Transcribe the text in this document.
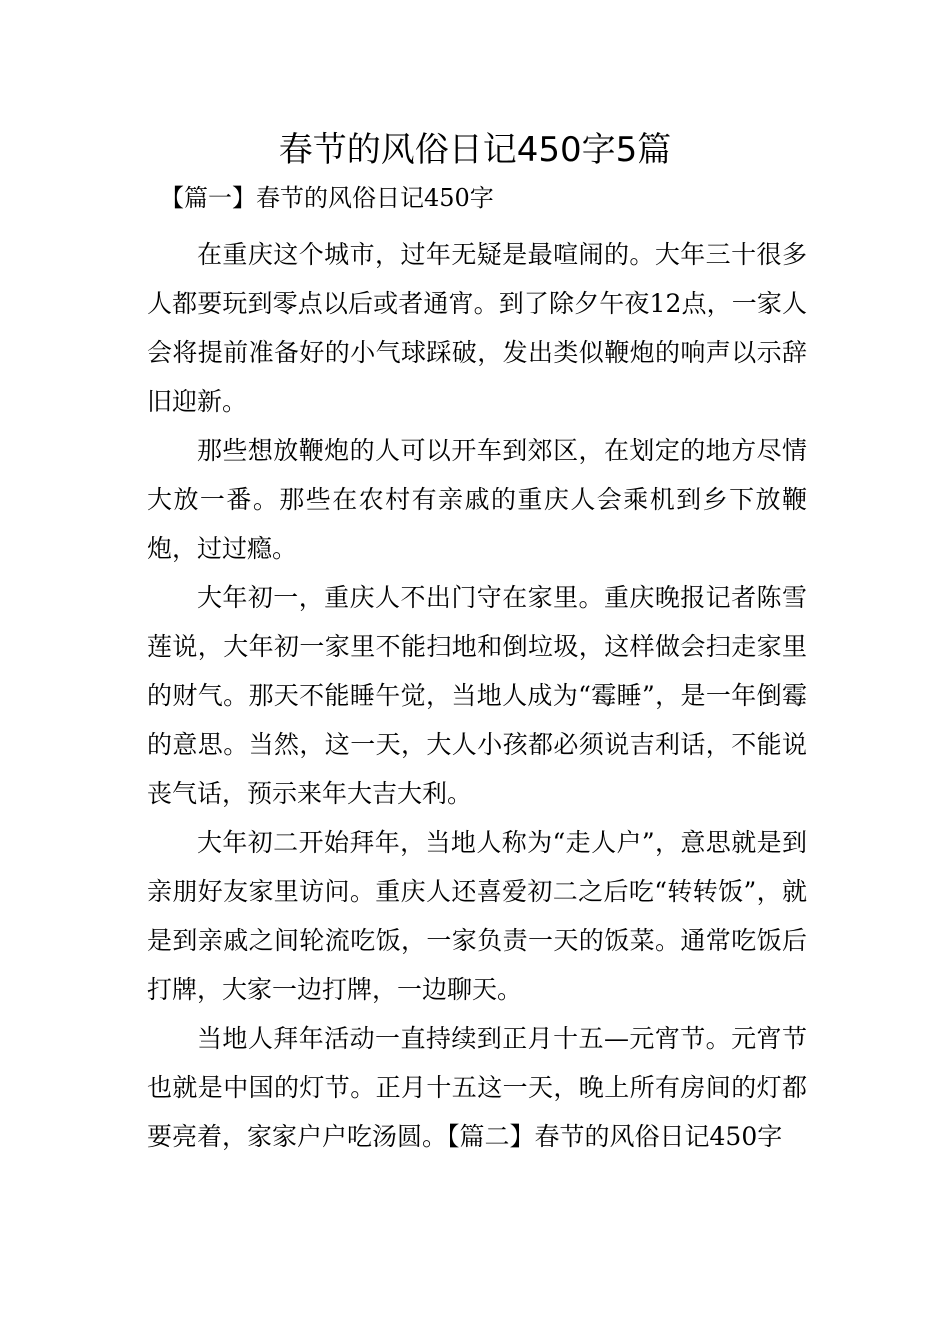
春节的风俗日记450字5篇
【篇一】春节的风俗日记450字

在重庆这个城市，过年无疑是最喧闹的。大年三十很多人都要玩到零点以后或者通宵。到了除夕午夜12点，一家人会将提前准备好的小气球踩破，发出类似鞭炮的响声以示辞旧迎新。

那些想放鞭炮的人可以开车到郊区，在划定的地方尽情大放一番。那些在农村有亲戚的重庆人会乘机到乡下放鞭炮，过过瘾。

大年初一，重庆人不出门守在家里。重庆晚报记者陈雪莲说，大年初一家里不能扫地和倒垃圾，这样做会扫走家里的财气。那天不能睡午觉，当地人成为“霉睡”，是一年倒霉的意思。当然，这一天，大人小孩都必须说吉利话，不能说丧气话，预示来年大吉大利。

大年初二开始拜年，当地人称为“走人户”，意思就是到亲朋好友家里访问。重庆人还喜爱初二之后吃“转转饭”，就是到亲戚之间轮流吃饭，一家负责一天的饭菜。通常吃饭后打牌，大家一边打牌，一边聊天。

当地人拜年活动一直持续到正月十五—元宵节。元宵节也就是中国的灯节。正月十五这一天，晚上所有房间的灯都要亮着，家家户户吃汤圆。【篇二】春节的风俗日记450字
